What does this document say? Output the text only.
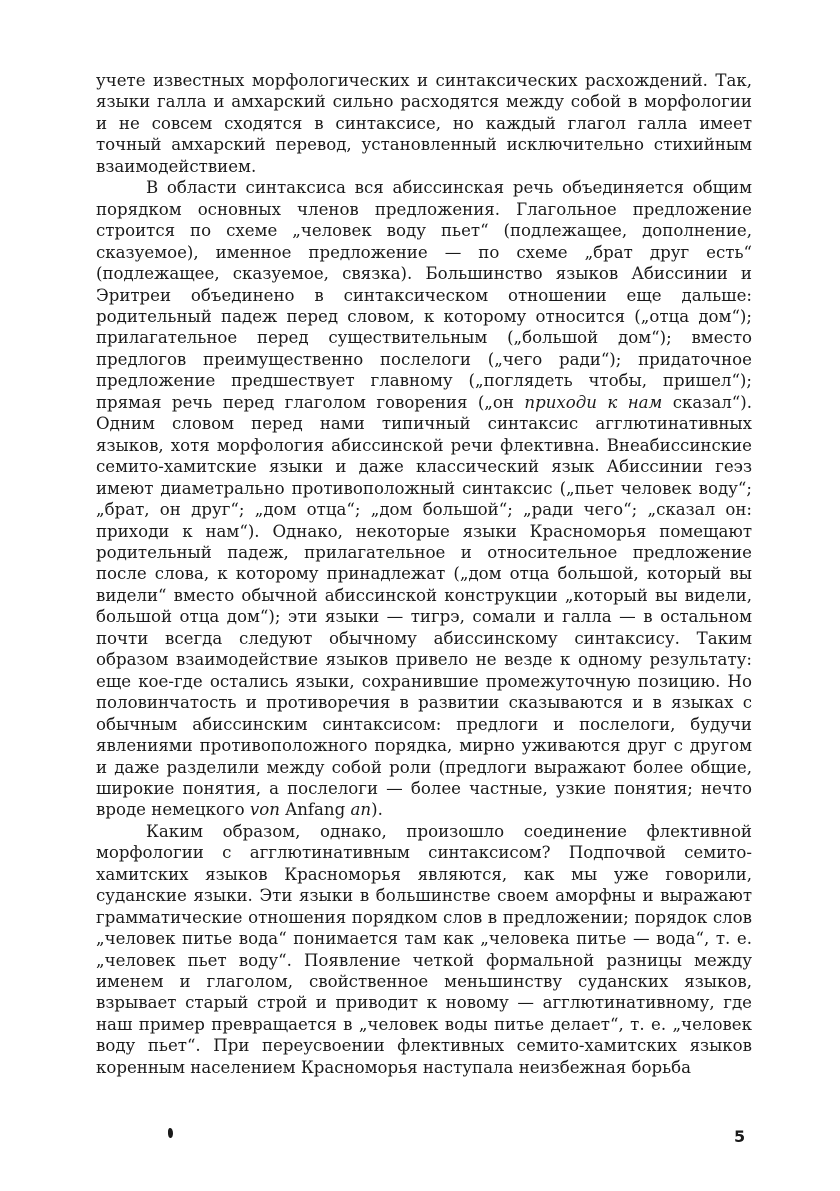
учете известных морфологических и синтаксических расхождений. Так, языки галла и амхарский сильно расходятся между собой в морфологии и не совсем сходятся в синтаксисе, но каждый глагол галла имеет точный амхарский перевод, установленный исключительно стихийным взаимодействием.

В области синтаксиса вся абиссинская речь объединяется общим порядком основных членов предложения. Глагольное предложение строится по схеме „человек воду пьет“ (подлежащее, дополнение, сказуемое), именное предложение — по схеме „брат друг есть“ (подлежащее, сказуемое, связка). Большинство языков Абиссинии и Эритреи объединено в синтаксическом отношении еще дальше: родительный падеж перед словом, к которому относится („отца дом“); прилагательное перед существительным („большой дом“); вместо предлогов преимущественно послелоги („чего ради“); придаточное предложение предшествует главному („поглядеть чтобы, пришел“); прямая речь перед глаголом говорения („он приходи к нам сказал“). Одним словом перед нами типичный синтаксис агглютинативных языков, хотя морфология абиссинской речи флективна. Внеабиссинские семито-хамитские языки и даже классический язык Абиссинии геэз имеют диаметрально противоположный синтаксис („пьет человек воду“; „брат, он друг“; „дом отца“; „дом большой“; „ради чего“; „сказал он: приходи к нам“). Однако, некоторые языки Красноморья помещают родительный падеж, прилагательное и относительное предложение после слова, к которому принадлежат („дом отца большой, который вы видели“ вместо обычной абиссинской конструкции „который вы видели, большой отца дом“); эти языки — тигрэ, сомали и галла — в остальном почти всегда следуют обычному абиссинскому синтаксису. Таким образом взаимодействие языков привело не везде к одному результату: еще кое-где остались языки, сохранившие промежуточную позицию. Но половинчатость и противоречия в развитии сказываются и в языках с обычным абиссинским синтаксисом: предлоги и послелоги, будучи явлениями противоположного порядка, мирно уживаются друг с другом и даже разделили между собой роли (предлоги выражают более общие, широкие понятия, а послелоги — более частные, узкие понятия; нечто вроде немецкого von Anfang an).

Каким образом, однако, произошло соединение флективной морфологии с агглютинативным синтаксисом? Подпочвой семито-хамитских языков Красноморья являются, как мы уже говорили, суданские языки. Эти языки в большинстве своем аморфны и выражают грамматические отношения порядком слов в предложении; порядок слов „человек питье вода“ понимается там как „человека питье — вода“, т. е. „человек пьет воду“. Появление четкой формальной разницы между именем и глаголом, свойственное меньшинству суданских языков, взрывает старый строй и приводит к новому — агглютинативному, где наш пример превращается в „человек воды питье делает“, т. е. „человек воду пьет“. При переусвоении флективных семито-хамитских языков коренным населением Красноморья наступала неизбежная борьба

5
